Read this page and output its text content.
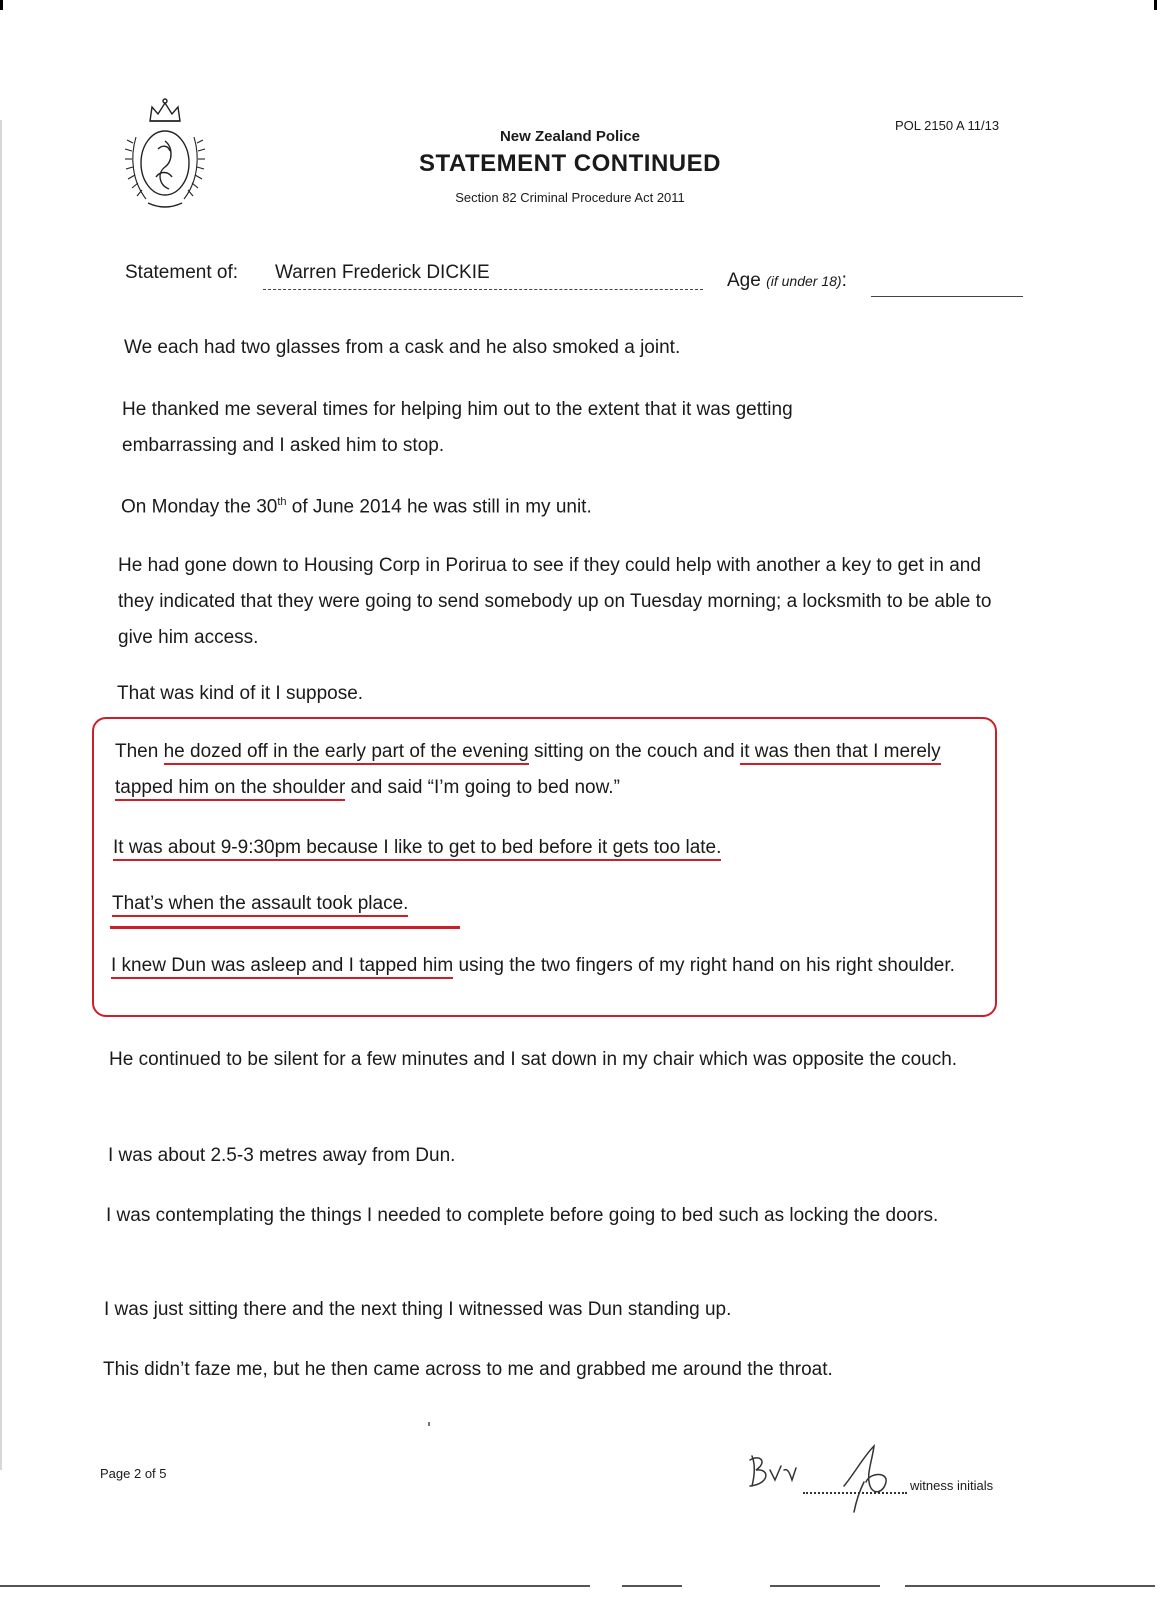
New Zealand Police
STATEMENT CONTINUED
Section 82 Criminal Procedure Act 2011
POL 2150 A 11/13
Statement of:	Warren Frederick DICKIE	Age (if under 18):

We each had two glasses from a cask and he also smoked a joint.

He thanked me several times for helping him out to the extent that it was getting embarrassing and I asked him to stop.

On Monday the 30th of June 2014 he was still in my unit.

He had gone down to Housing Corp in Porirua to see if they could help with another a key to get in and they indicated that they were going to send somebody up on Tuesday morning; a locksmith to be able to give him access.

That was kind of it I suppose.

Then he dozed off in the early part of the evening sitting on the couch and it was then that I merely tapped him on the shoulder and said “I’m going to bed now.”

It was about 9-9:30pm because I like to get to bed before it gets too late.

That’s when the assault took place.

I knew Dun was asleep and I tapped him using the two fingers of my right hand on his right shoulder.

He continued to be silent for a few minutes and I sat down in my chair which was opposite the couch.

I was about 2.5-3 metres away from Dun.

I was contemplating the things I needed to complete before going to bed such as locking the doors.

I was just sitting there and the next thing I witnessed was Dun standing up.

This didn’t faze me, but he then came across to me and grabbed me around the throat.

Page 2 of 5
witness initials
